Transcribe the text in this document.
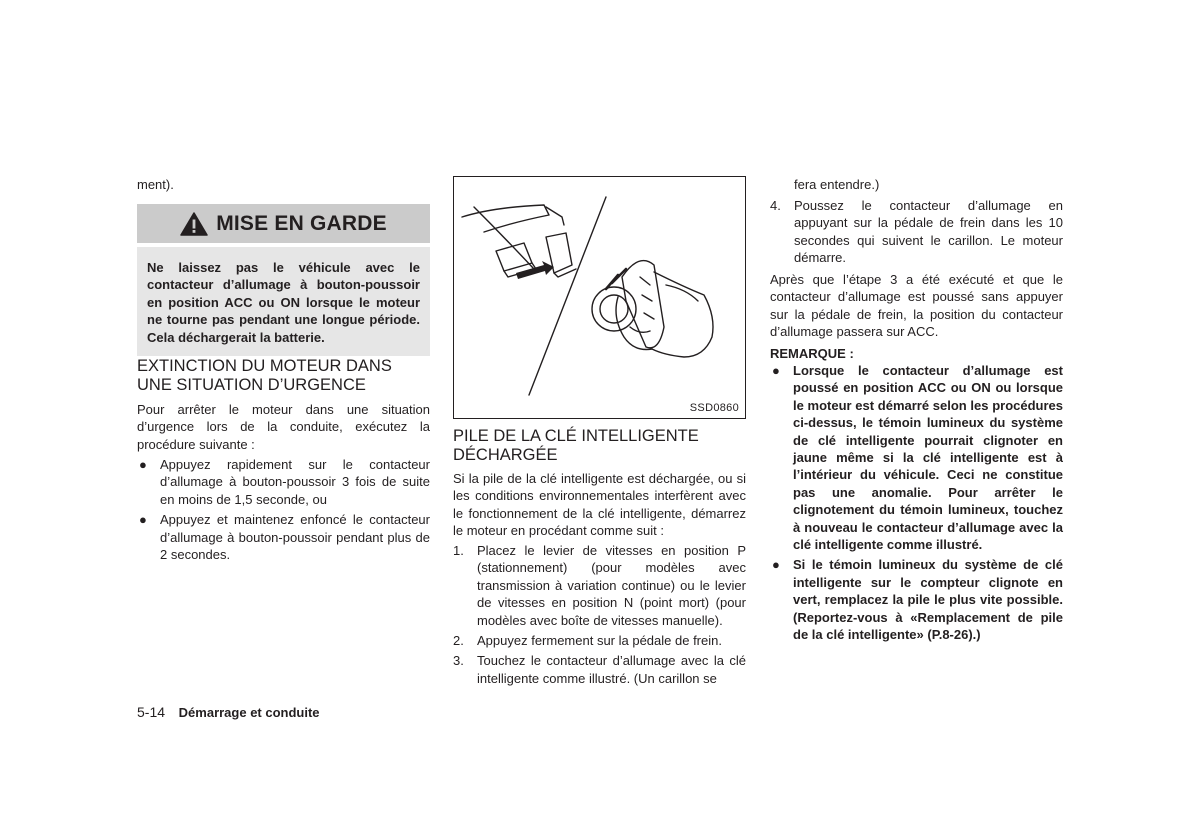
ment).

MISE EN GARDE
Ne laissez pas le véhicule avec le contacteur d’allumage à bouton-poussoir en position ACC ou ON lorsque le moteur ne tourne pas pendant une longue période. Cela déchargerait la batterie.
EXTINCTION DU MOTEUR DANS UNE SITUATION D’URGENCE

Pour arrêter le moteur dans une situation d’urgence lors de la conduite, exécutez la procédure suivante :

● Appuyez rapidement sur le contacteur d’allumage à bouton-poussoir 3 fois de suite en moins de 1,5 seconde, ou
● Appuyez et maintenez enfoncé le contacteur d’allumage à bouton-poussoir pendant plus de 2 secondes.
SSD0860
PILE DE LA CLÉ INTELLIGENTE DÉCHARGÉE

Si la pile de la clé intelligente est déchargée, ou si les conditions environnementales interfèrent avec le fonctionnement de la clé intelligente, démarrez le moteur en procédant comme suit :

1. Placez le levier de vitesses en position P (stationnement) (pour modèles avec transmission à variation continue) ou le levier de vitesses en position N (point mort) (pour modèles avec boîte de vitesses manuelle).
2. Appuyez fermement sur la pédale de frein.
3. Touchez le contacteur d’allumage avec la clé intelligente comme illustré. (Un carillon se

fera entendre.)

4. Poussez le contacteur d’allumage en appuyant sur la pédale de frein dans les 10 secondes qui suivent le carillon. Le moteur démarre.

Après que l’étape 3 a été exécuté et que le contacteur d’allumage est poussé sans appuyer sur la pédale de frein, la position du contacteur d’allumage passera sur ACC.

REMARQUE :
● Lorsque le contacteur d’allumage est poussé en position ACC ou ON ou lorsque le moteur est démarré selon les procédures ci-dessus, le témoin lumineux du système de clé intelligente pourrait clignoter en jaune même si la clé intelligente est à l’intérieur du véhicule. Ceci ne constitue pas une anomalie. Pour arrêter le clignotement du témoin lumineux, touchez à nouveau le contacteur d’allumage avec la clé intelligente comme illustré.
● Si le témoin lumineux du système de clé intelligente sur le compteur clignote en vert, remplacez la pile le plus vite possible. (Reportez-vous à «Remplacement de pile de la clé intelligente» (P.8-26).)
5-14 Démarrage et conduite
